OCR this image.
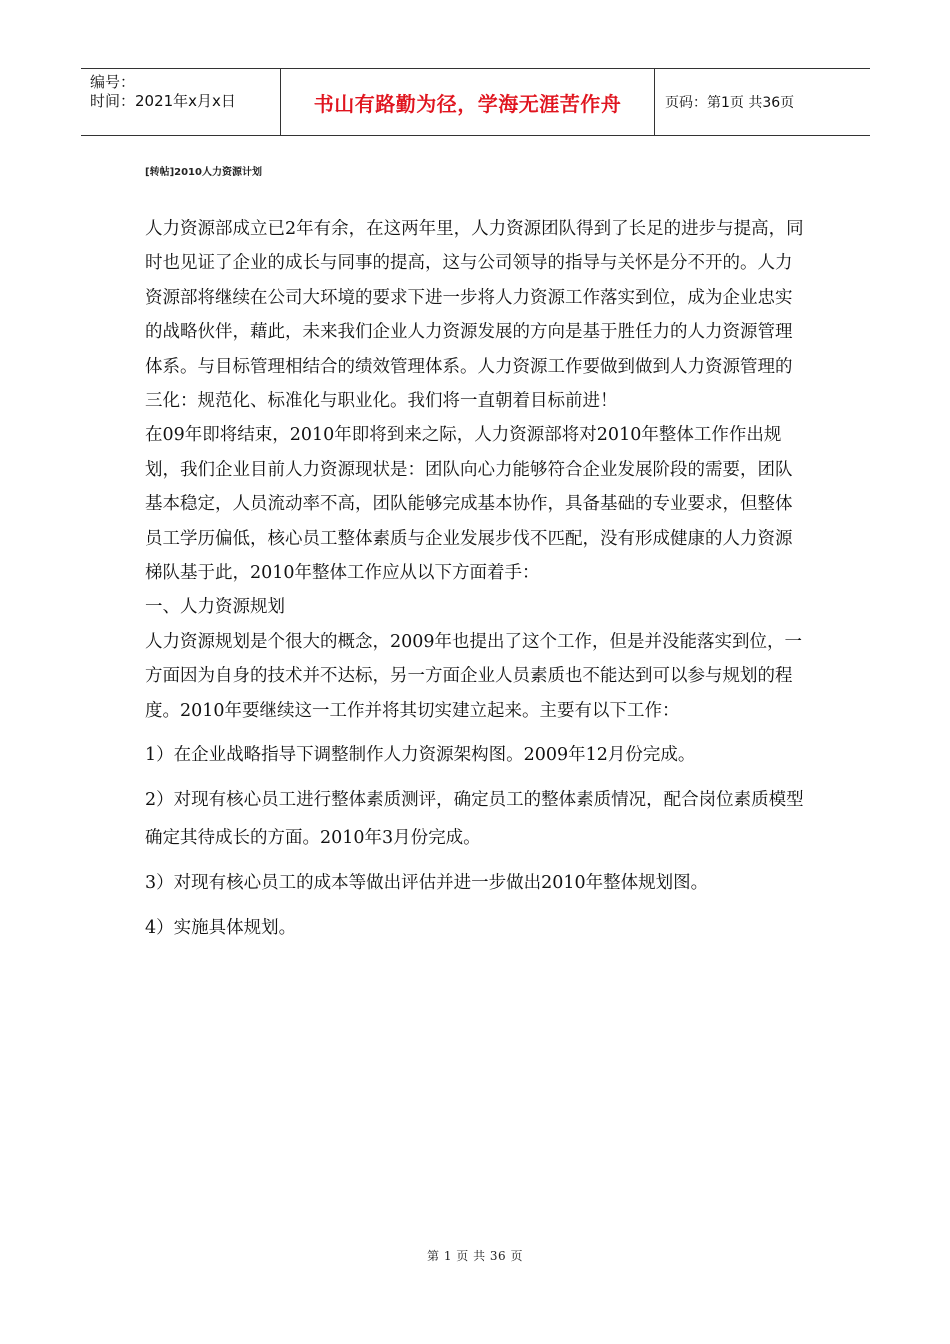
编号：
时间：2021年x月x日	书山有路勤为径，学海无涯苦作舟	页码：第1页 共36页
[转帖]2010人力资源计划

人力资源部成立已2年有余，在这两年里，人力资源团队得到了长足的进步与提高，同时也见证了企业的成长与同事的提高，这与公司领导的指导与关怀是分不开的。人力资源部将继续在公司大环境的要求下进一步将人力资源工作落实到位，成为企业忠实的战略伙伴，藉此，未来我们企业人力资源发展的方向是基于胜任力的人力资源管理体系。与目标管理相结合的绩效管理体系。人力资源工作要做到做到人力资源管理的三化：规范化、标准化与职业化。我们将一直朝着目标前进！

在09年即将结束，2010年即将到来之际，人力资源部将对2010年整体工作作出规划，我们企业目前人力资源现状是：团队向心力能够符合企业发展阶段的需要，团队基本稳定，人员流动率不高，团队能够完成基本协作，具备基础的专业要求，但整体员工学历偏低，核心员工整体素质与企业发展步伐不匹配，没有形成健康的人力资源梯队基于此，2010年整体工作应从以下方面着手：

一、人力资源规划

人力资源规划是个很大的概念，2009年也提出了这个工作，但是并没能落实到位，一方面因为自身的技术并不达标，另一方面企业人员素质也不能达到可以参与规划的程度。2010年要继续这一工作并将其切实建立起来。主要有以下工作：

1）在企业战略指导下调整制作人力资源架构图。2009年12月份完成。

2）对现有核心员工进行整体素质测评，确定员工的整体素质情况，配合岗位素质模型确定其待成长的方面。2010年3月份完成。

3）对现有核心员工的成本等做出评估并进一步做出2010年整体规划图。

4）实施具体规划。

第 1 页 共 36 页
